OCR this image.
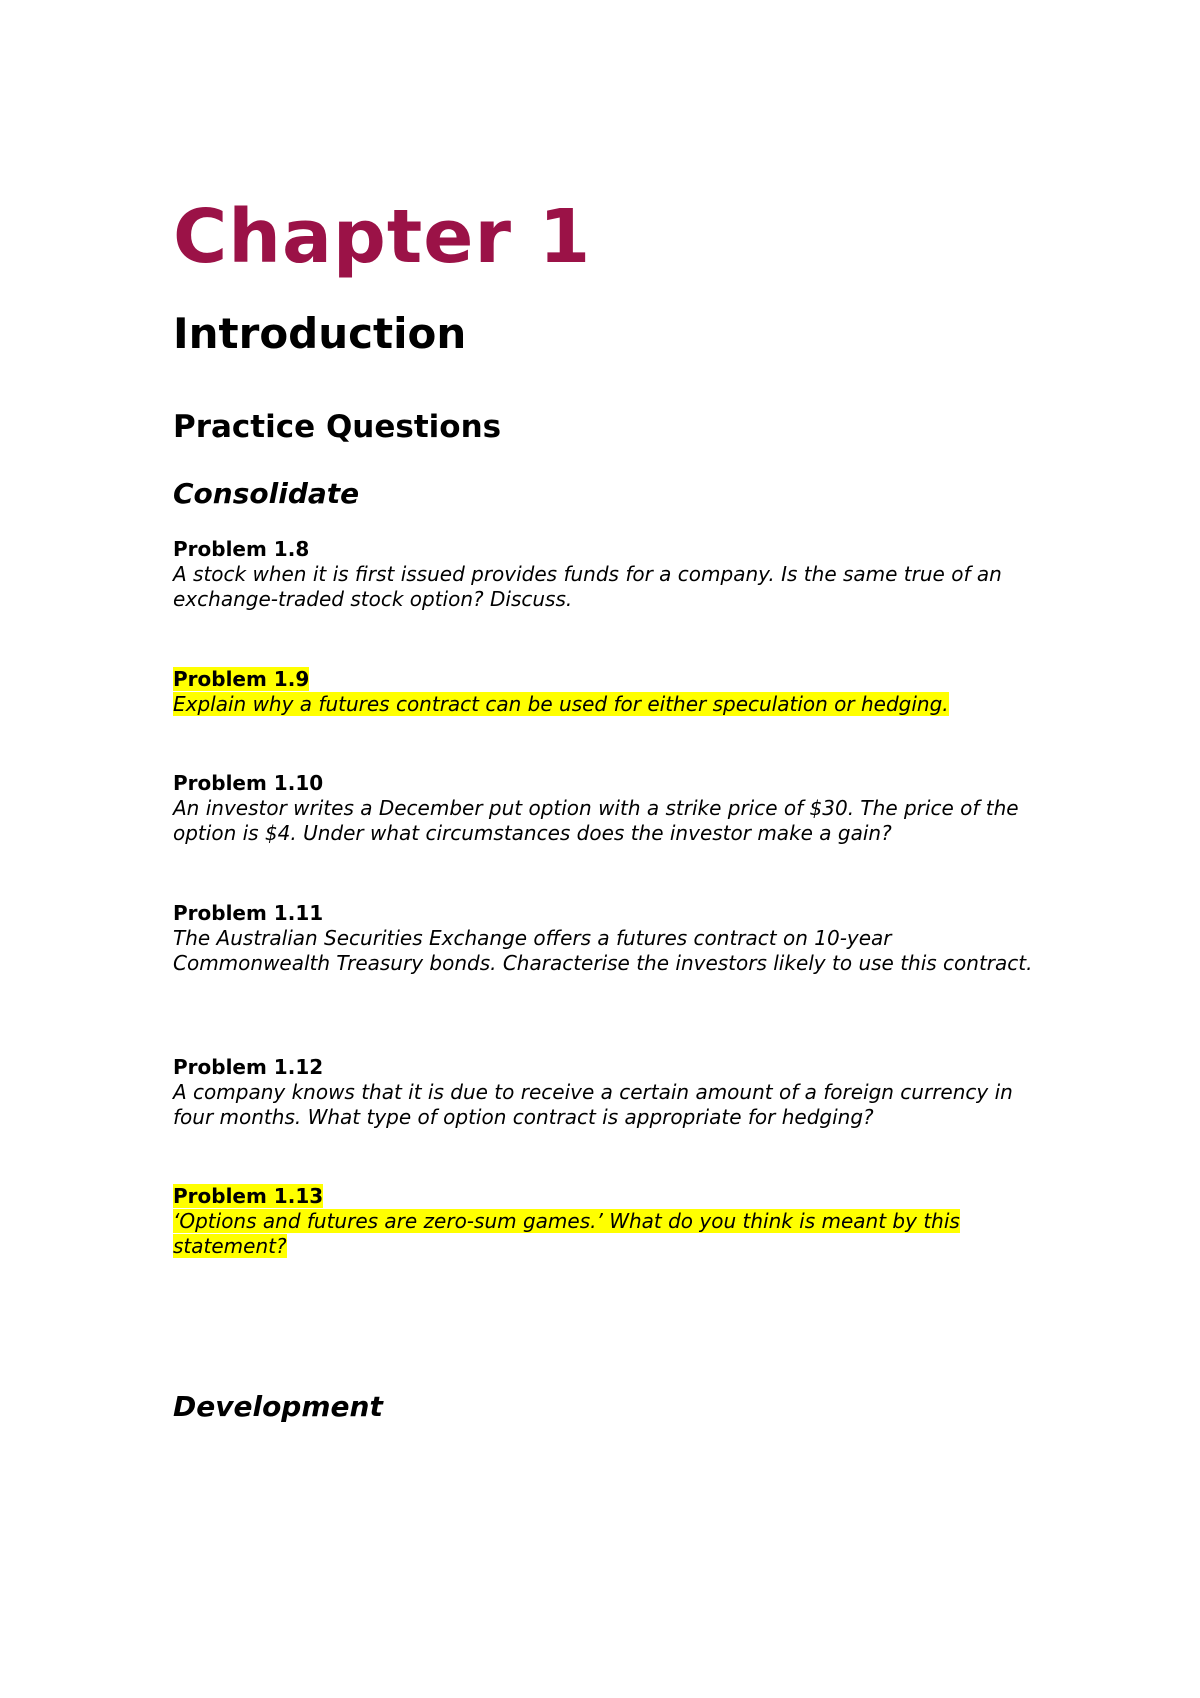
Chapter 1
Introduction
Practice Questions
Consolidate
Problem 1.8

A stock when it is first issued provides funds for a company. Is the same true of an exchange-traded stock option? Discuss.

Problem 1.9

Explain why a futures contract can be used for either speculation or hedging.

Problem 1.10

An investor writes a December put option with a strike price of $30. The price of the option is $4. Under what circumstances does the investor make a gain?

Problem 1.11

The Australian Securities Exchange offers a futures contract on 10-year Commonwealth Treasury bonds. Characterise the investors likely to use this contract.

Problem 1.12

A company knows that it is due to receive a certain amount of a foreign currency in four months. What type of option contract is appropriate for hedging?

Problem 1.13

‘Options and futures are zero-sum games.’ What do you think is meant by this statement?

Development
